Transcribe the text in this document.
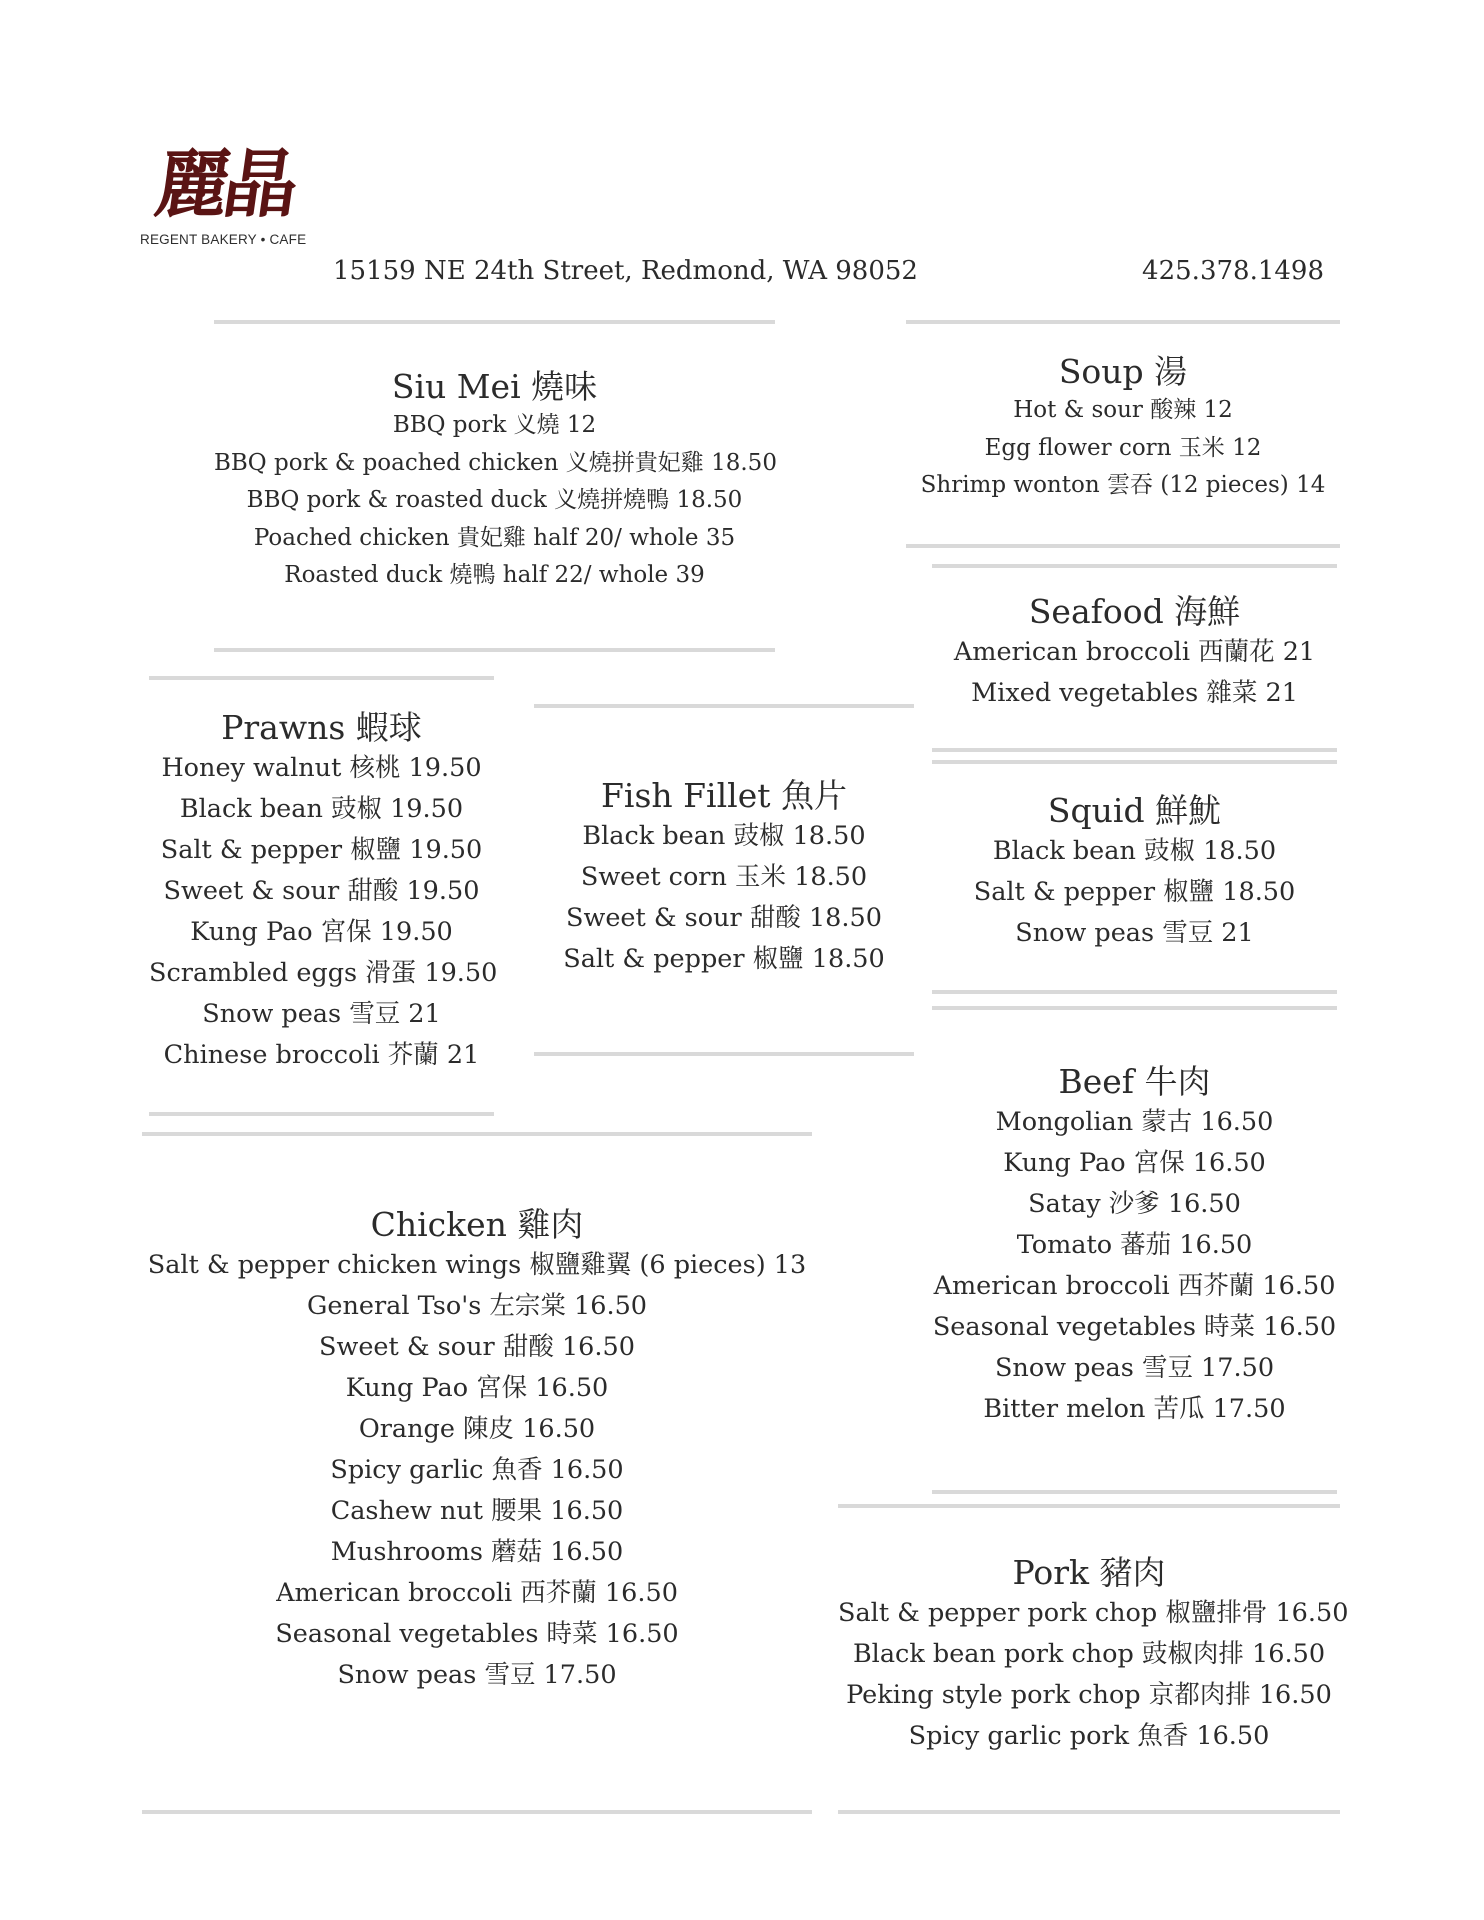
麗晶
REGENT BAKERY • CAFE
15159 NE 24th Street, Redmond, WA 98052	425.378.1498
Siu Mei 燒味
BBQ pork 义燒 12
BBQ pork & poached chicken 义燒拼貴妃雞 18.50
BBQ pork & roasted duck 义燒拼燒鴨 18.50
Poached chicken 貴妃雞 half 20/ whole 35
Roasted duck 燒鴨 half 22/ whole 39
Soup 湯
Hot & sour 酸辣 12
Egg flower corn 玉米 12
Shrimp wonton 雲吞 (12 pieces) 14
Seafood 海鮮
American broccoli 西蘭花 21
Mixed vegetables 雜菜 21
Prawns 蝦球
Honey walnut 核桃 19.50
Black bean 豉椒 19.50
Salt & pepper 椒鹽 19.50
Sweet & sour 甜酸 19.50
Kung Pao 宮保 19.50
Scrambled eggs 滑蛋 19.50
Snow peas 雪豆 21
Chinese broccoli 芥蘭 21
Fish Fillet 魚片
Black bean 豉椒 18.50
Sweet corn 玉米 18.50
Sweet & sour 甜酸 18.50
Salt & pepper 椒鹽 18.50
Squid 鮮魷
Black bean 豉椒 18.50
Salt & pepper 椒鹽 18.50
Snow peas 雪豆 21
Beef 牛肉
Mongolian 蒙古 16.50
Kung Pao 宮保 16.50
Satay 沙爹 16.50
Tomato 蕃茄 16.50
American broccoli 西芥蘭 16.50
Seasonal vegetables 時菜 16.50
Snow peas 雪豆 17.50
Bitter melon 苦瓜 17.50
Chicken 雞肉
Salt & pepper chicken wings 椒鹽雞翼 (6 pieces) 13
General Tso's 左宗棠 16.50
Sweet & sour 甜酸 16.50
Kung Pao 宮保 16.50
Orange 陳皮 16.50
Spicy garlic 魚香 16.50
Cashew nut 腰果 16.50
Mushrooms 蘑菇 16.50
American broccoli 西芥蘭 16.50
Seasonal vegetables 時菜 16.50
Snow peas 雪豆 17.50
Pork 豬肉
Salt & pepper pork chop 椒鹽排骨 16.50
Black bean pork chop 豉椒肉排 16.50
Peking style pork chop 京都肉排 16.50
Spicy garlic pork 魚香 16.50
